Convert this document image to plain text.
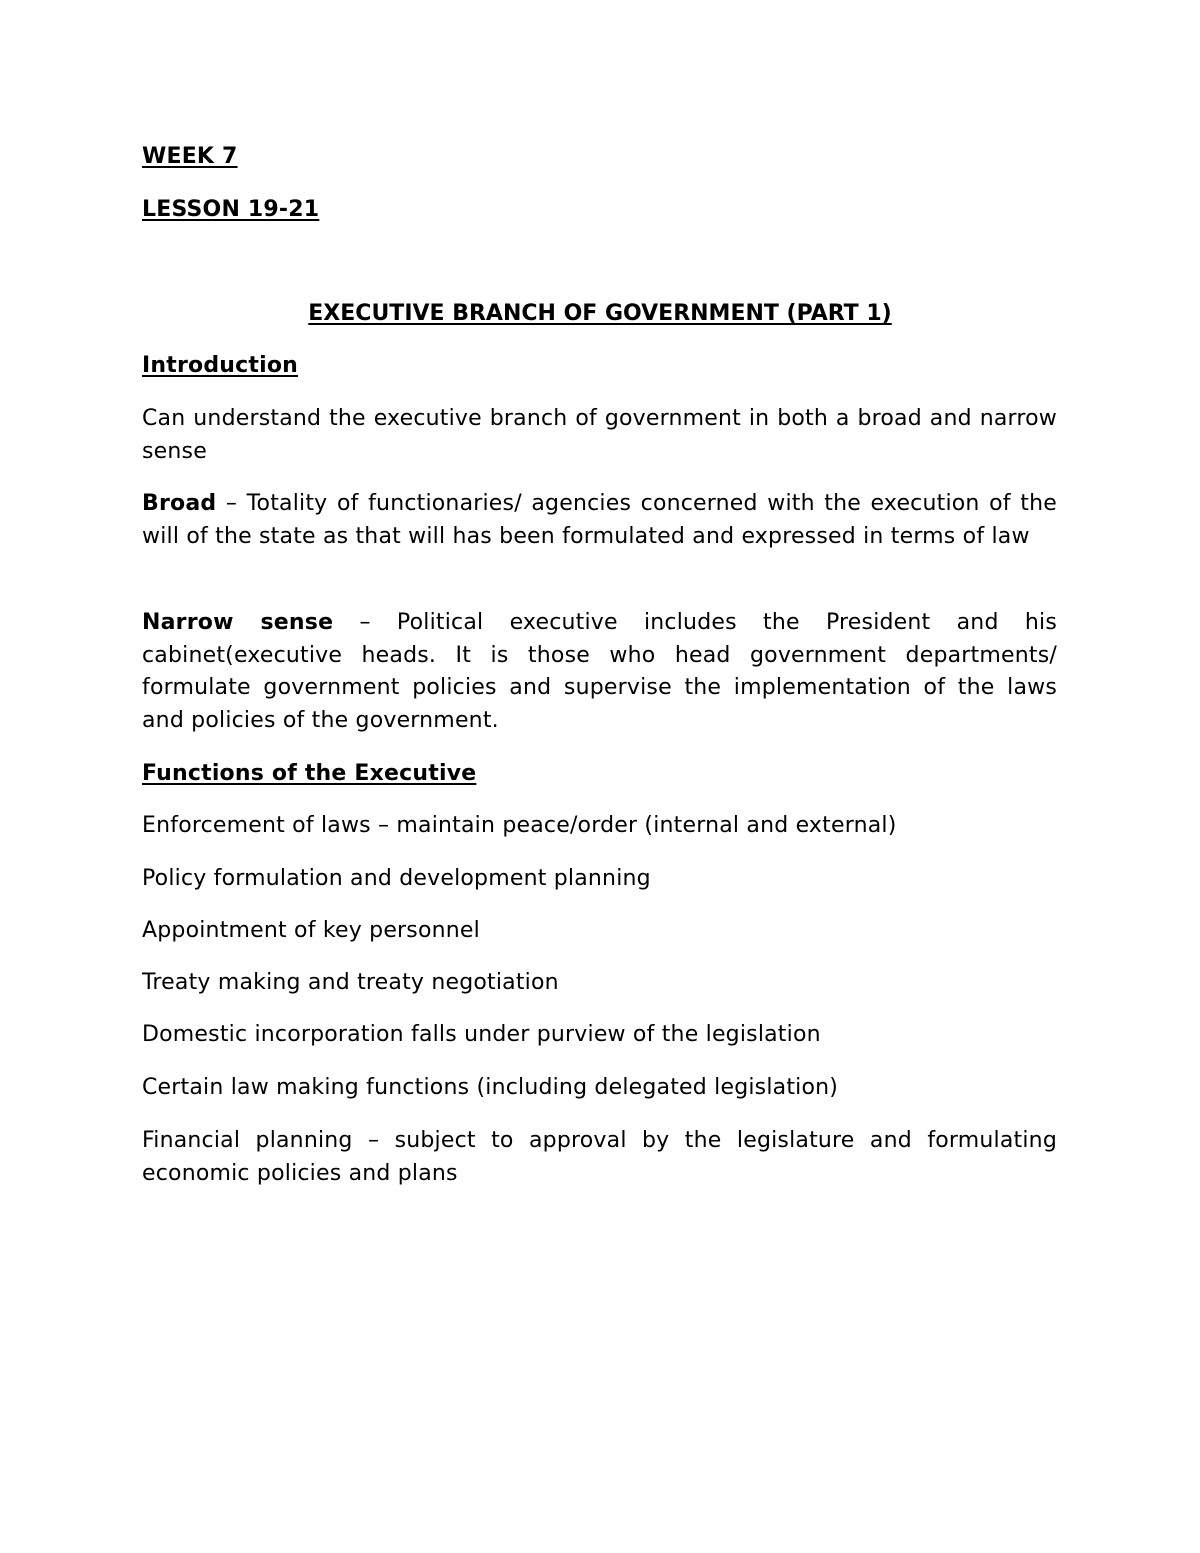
WEEK 7

LESSON 19-21

EXECUTIVE BRANCH OF GOVERNMENT (PART 1)

Introduction

Can understand the executive branch of government in both a broad and narrow sense

Broad – Totality of functionaries/ agencies concerned with the execution of the will of the state as that will has been formulated and expressed in terms of law

Narrow sense – Political executive includes the President and his cabinet(executive heads. It is those who head government departments/ formulate government policies and supervise the implementation of the laws and policies of the government.

Functions of the Executive

Enforcement of laws – maintain peace/order (internal and external)

Policy formulation and development planning

Appointment of key personnel

Treaty making and treaty negotiation

Domestic incorporation falls under purview of the legislation

Certain law making functions (including delegated legislation)

Financial planning – subject to approval by the legislature and formulating economic policies and plans
